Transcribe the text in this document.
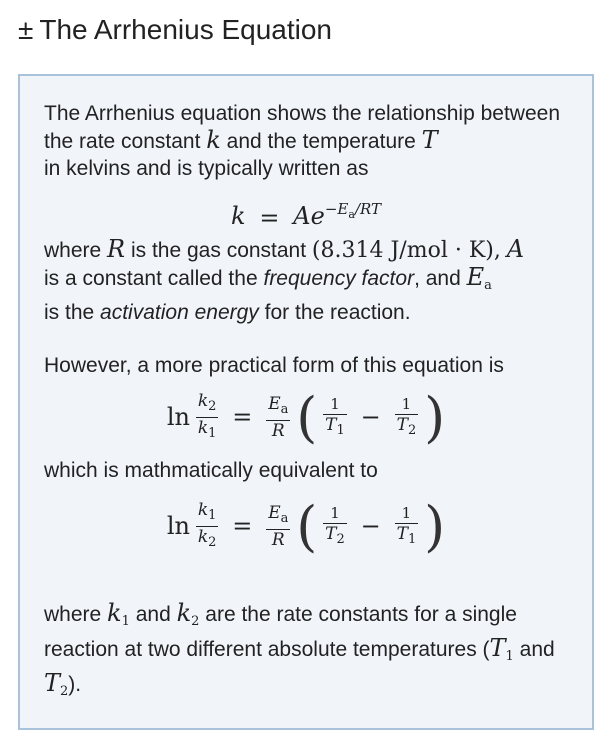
± The Arrhenius Equation

The Arrhenius equation shows the relationship between the rate constant k and the temperature T
in kelvins and is typically written as

$k = Ae^{-E_a/RT}$

where R is the gas constant (8.314 J/mol · K), A
is a constant called the frequency factor, and $E_a$
is the activation energy for the reaction.

However, a more practical form of this equation is

$\ln \frac{k_2}{k_1} = \frac{E_a}{R}$ ( $\frac{1}{T_1} - \frac{1}{T_2}$ )

which is mathmatically equivalent to

$\ln \frac{k_1}{k_2} = \frac{E_a}{R}$ ( $\frac{1}{T_2} - \frac{1}{T_1}$ )

where $k_1$ and $k_2$ are the rate constants for a single reaction at two different absolute temperatures ($T_1$ and $T_2$).
